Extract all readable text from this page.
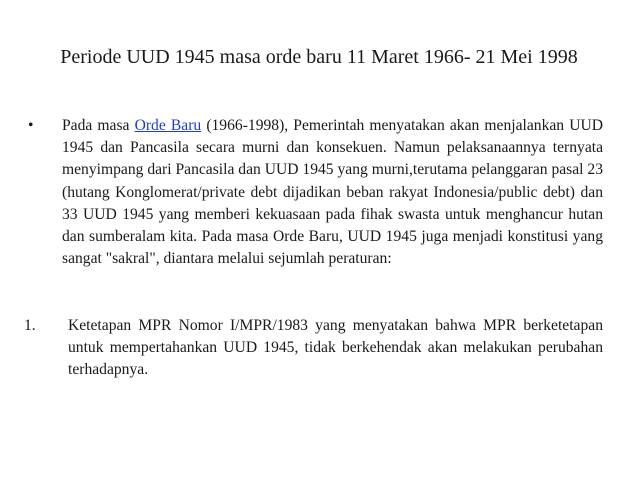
Periode UUD 1945 masa orde baru 11 Maret 1966- 21 Mei 1998
• Pada masa Orde Baru (1966-1998), Pemerintah menyatakan akan menjalankan UUD 1945 dan Pancasila secara murni dan konsekuen. Namun pelaksanaannya ternyata menyimpang dari Pancasila dan UUD 1945 yang murni,terutama pelanggaran pasal 23 (hutang Konglomerat/private debt dijadikan beban rakyat Indonesia/public debt) dan 33 UUD 1945 yang memberi kekuasaan pada fihak swasta untuk menghancur hutan dan sumberalam kita. Pada masa Orde Baru, UUD 1945 juga menjadi konstitusi yang sangat "sakral", diantara melalui sejumlah peraturan:
1. Ketetapan MPR Nomor I/MPR/1983 yang menyatakan bahwa MPR berketetapan untuk mempertahankan UUD 1945, tidak berkehendak akan melakukan perubahan terhadapnya.
